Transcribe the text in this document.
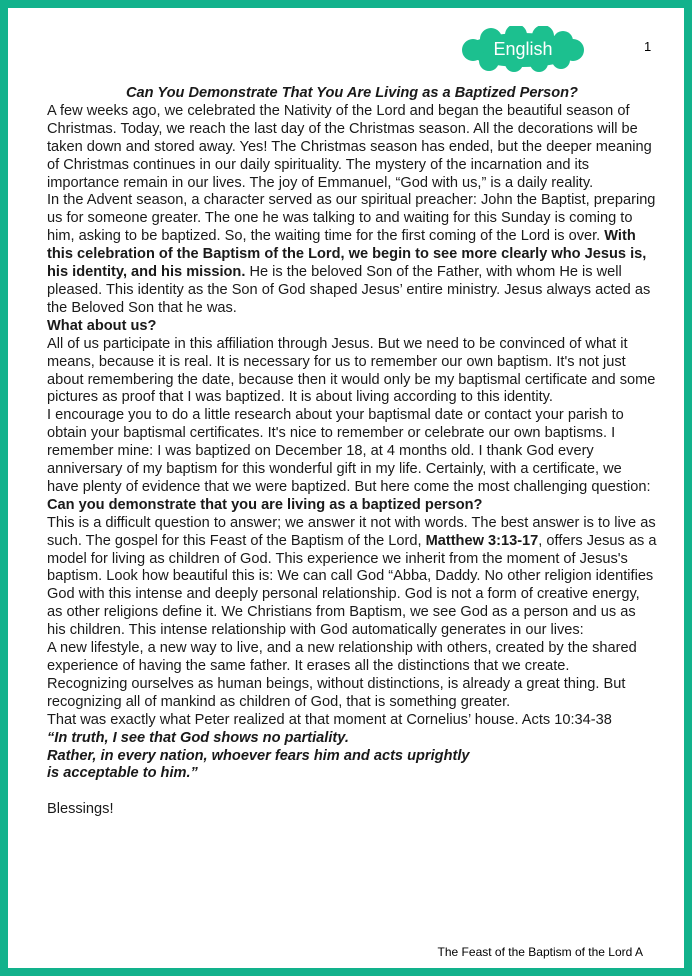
English	1

Can You Demonstrate That You Are Living as a Baptized Person?

A few weeks ago, we celebrated the Nativity of the Lord and began the beautiful season of Christmas. Today, we reach the last day of the Christmas season. All the decorations will be taken down and stored away. Yes! The Christmas season has ended, but the deeper meaning of Christmas continues in our daily spirituality. The mystery of the incarnation and its importance remain in our lives. The joy of Emmanuel, “God with us,” is a daily reality.

In the Advent season, a character served as our spiritual preacher: John the Baptist, preparing us for someone greater. The one he was talking to and waiting for this Sunday is coming to him, asking to be baptized. So, the waiting time for the first coming of the Lord is over. With this celebration of the Baptism of the Lord, we begin to see more clearly who Jesus is, his identity, and his mission. He is the beloved Son of the Father, with whom He is well pleased. This identity as the Son of God shaped Jesus’ entire ministry. Jesus always acted as the Beloved Son that he was.

What about us?

All of us participate in this affiliation through Jesus. But we need to be convinced of what it means, because it is real. It is necessary for us to remember our own baptism. It's not just about remembering the date, because then it would only be my baptismal certificate and some pictures as proof that I was baptized. It is about living according to this identity.

I encourage you to do a little research about your baptismal date or contact your parish to obtain your baptismal certificates. It's nice to remember or celebrate our own baptisms. I remember mine: I was baptized on December 18, at 4 months old. I thank God every anniversary of my baptism for this wonderful gift in my life. Certainly, with a certificate, we have plenty of evidence that we were baptized. But here come the most challenging question: Can you demonstrate that you are living as a baptized person?

This is a difficult question to answer; we answer it not with words. The best answer is to live as such. The gospel for this Feast of the Baptism of the Lord, Matthew 3:13-17, offers Jesus as a model for living as children of God. This experience we inherit from the moment of Jesus's baptism. Look how beautiful this is: We can call God “Abba, Daddy. No other religion identifies God with this intense and deeply personal relationship. God is not a form of creative energy, as other religions define it. We Christians from Baptism, we see God as a person and us as his children. This intense relationship with God automatically generates in our lives:

A new lifestyle, a new way to live, and a new relationship with others, created by the shared experience of having the same father. It erases all the distinctions that we create.

Recognizing ourselves as human beings, without distinctions, is already a great thing. But recognizing all of mankind as children of God, that is something greater.

That was exactly what Peter realized at that moment at Cornelius’ house. Acts 10:34-38

“In truth, I see that God shows no partiality.

Rather, in every nation, whoever fears him and acts uprightly

is acceptable to him.”

Blessings!

The Feast of the Baptism of the Lord A
